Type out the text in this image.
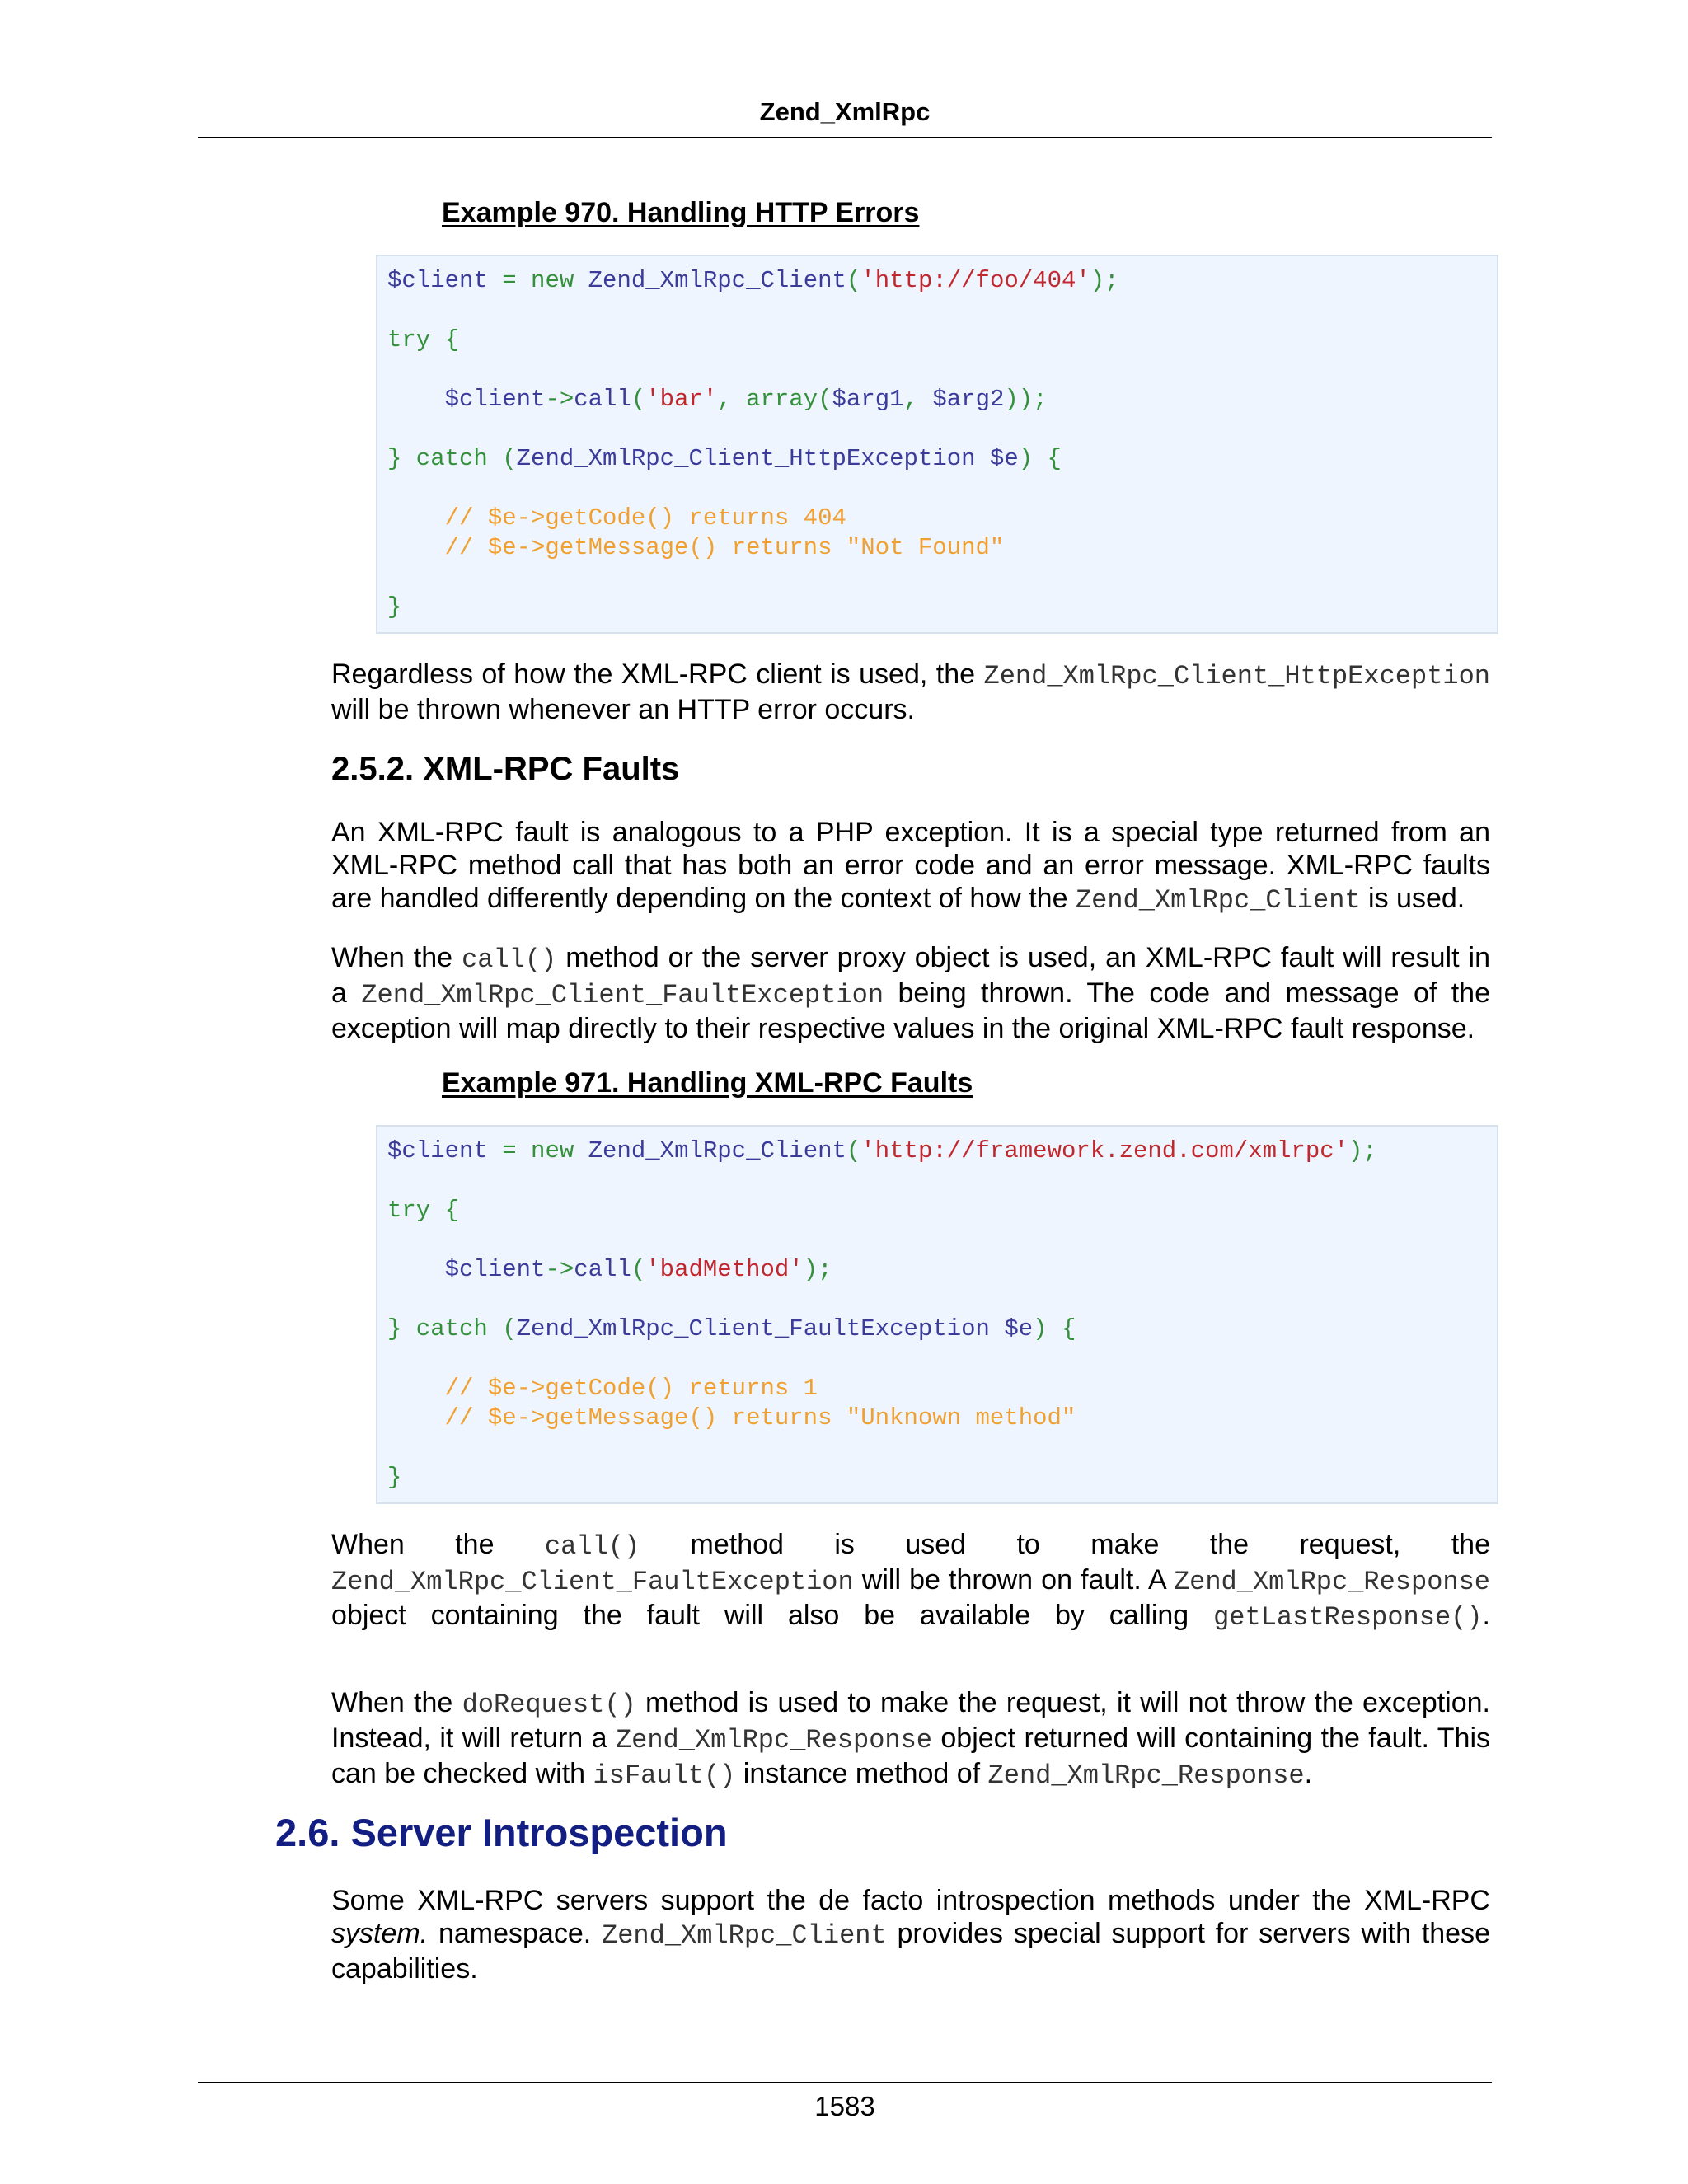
Zend_XmlRpc
Example 970. Handling HTTP Errors
$client = new Zend_XmlRpc_Client('http://foo/404');
try {
$client->call('bar', array($arg1, $arg2));
} catch (Zend_XmlRpc_Client_HttpException $e) {
// $e->getCode() returns 404
// $e->getMessage() returns "Not Found"
}
Regardless of how the XML-RPC client is used, the Zend_XmlRpc_Client_HttpException will be thrown whenever an HTTP error occurs.
2.5.2. XML-RPC Faults
An XML-RPC fault is analogous to a PHP exception. It is a special type returned from an XML-RPC method call that has both an error code and an error message. XML-RPC faults are handled differently depending on the context of how the Zend_XmlRpc_Client is used.
When the call() method or the server proxy object is used, an XML-RPC fault will result in a Zend_XmlRpc_Client_FaultException being thrown. The code and message of the exception will map directly to their respective values in the original XML-RPC fault response.
Example 971. Handling XML-RPC Faults
$client = new Zend_XmlRpc_Client('http://framework.zend.com/xmlrpc');
try {
$client->call('badMethod');
} catch (Zend_XmlRpc_Client_FaultException $e) {
// $e->getCode() returns 1
// $e->getMessage() returns "Unknown method"
}
When the call() method is used to make the request, the Zend_XmlRpc_Client_FaultException will be thrown on fault. A Zend_XmlRpc_Response object containing the fault will also be available by calling getLastResponse().
When the doRequest() method is used to make the request, it will not throw the exception. Instead, it will return a Zend_XmlRpc_Response object returned will containing the fault. This can be checked with isFault() instance method of Zend_XmlRpc_Response.
2.6. Server Introspection
Some XML-RPC servers support the de facto introspection methods under the XML-RPC system. namespace. Zend_XmlRpc_Client provides special support for servers with these capabilities.
1583
